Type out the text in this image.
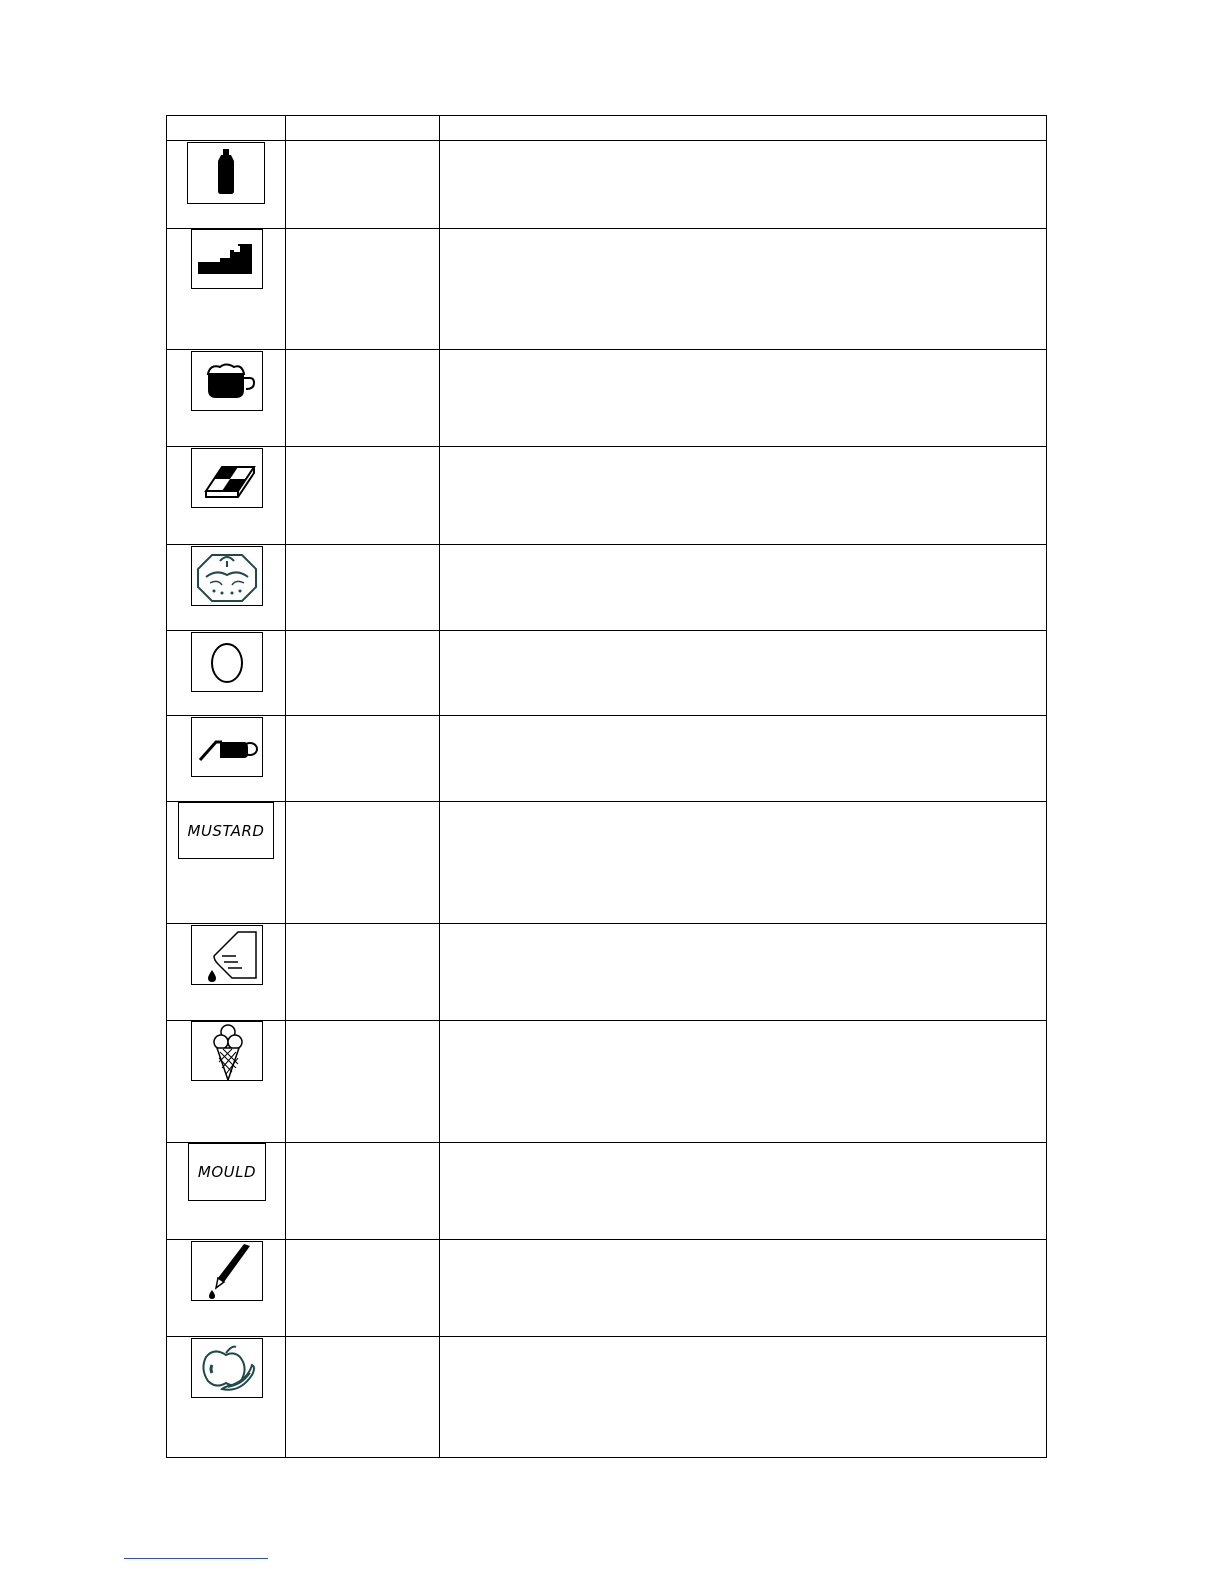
MUSTARD		

MOULD		
